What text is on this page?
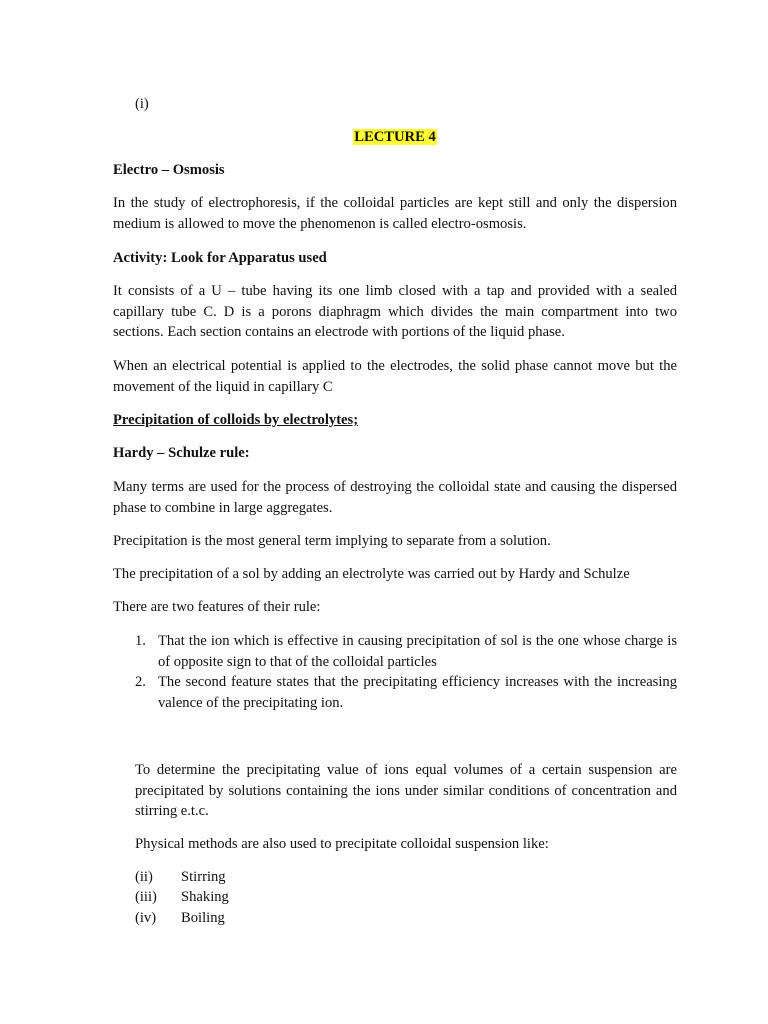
(i)

LECTURE 4

Electro – Osmosis

In the study of electrophoresis, if the colloidal particles are kept still and only the dispersion medium is allowed to move the phenomenon is called electro-osmosis.

Activity: Look for Apparatus used

It consists of a U – tube having its one limb closed with a tap and provided with a sealed capillary tube C. D is a porons diaphragm which divides the main compartment into two sections. Each section contains an electrode with portions of the liquid phase.

When an electrical potential is applied to the electrodes, the solid phase cannot move but the movement of the liquid in capillary C

Precipitation of colloids by electrolytes;

Hardy – Schulze rule:

Many terms are used for the process of destroying the colloidal state and causing the dispersed phase to combine in large aggregates.

Precipitation is the most general term implying to separate from a solution.

The precipitation of a sol by adding an electrolyte was carried out by Hardy and Schulze

There are two features of their rule:

1. That the ion which is effective in causing precipitation of sol is the one whose charge is of opposite sign to that of the colloidal particles
2. The second feature states that the precipitating efficiency increases with the increasing valence of the precipitating ion.

To determine the precipitating value of ions equal volumes of a certain suspension are precipitated by solutions containing the ions under similar conditions of concentration and stirring e.t.c.

Physical methods are also used to precipitate colloidal suspension like:

(ii) Stirring
(iii) Shaking
(iv) Boiling
